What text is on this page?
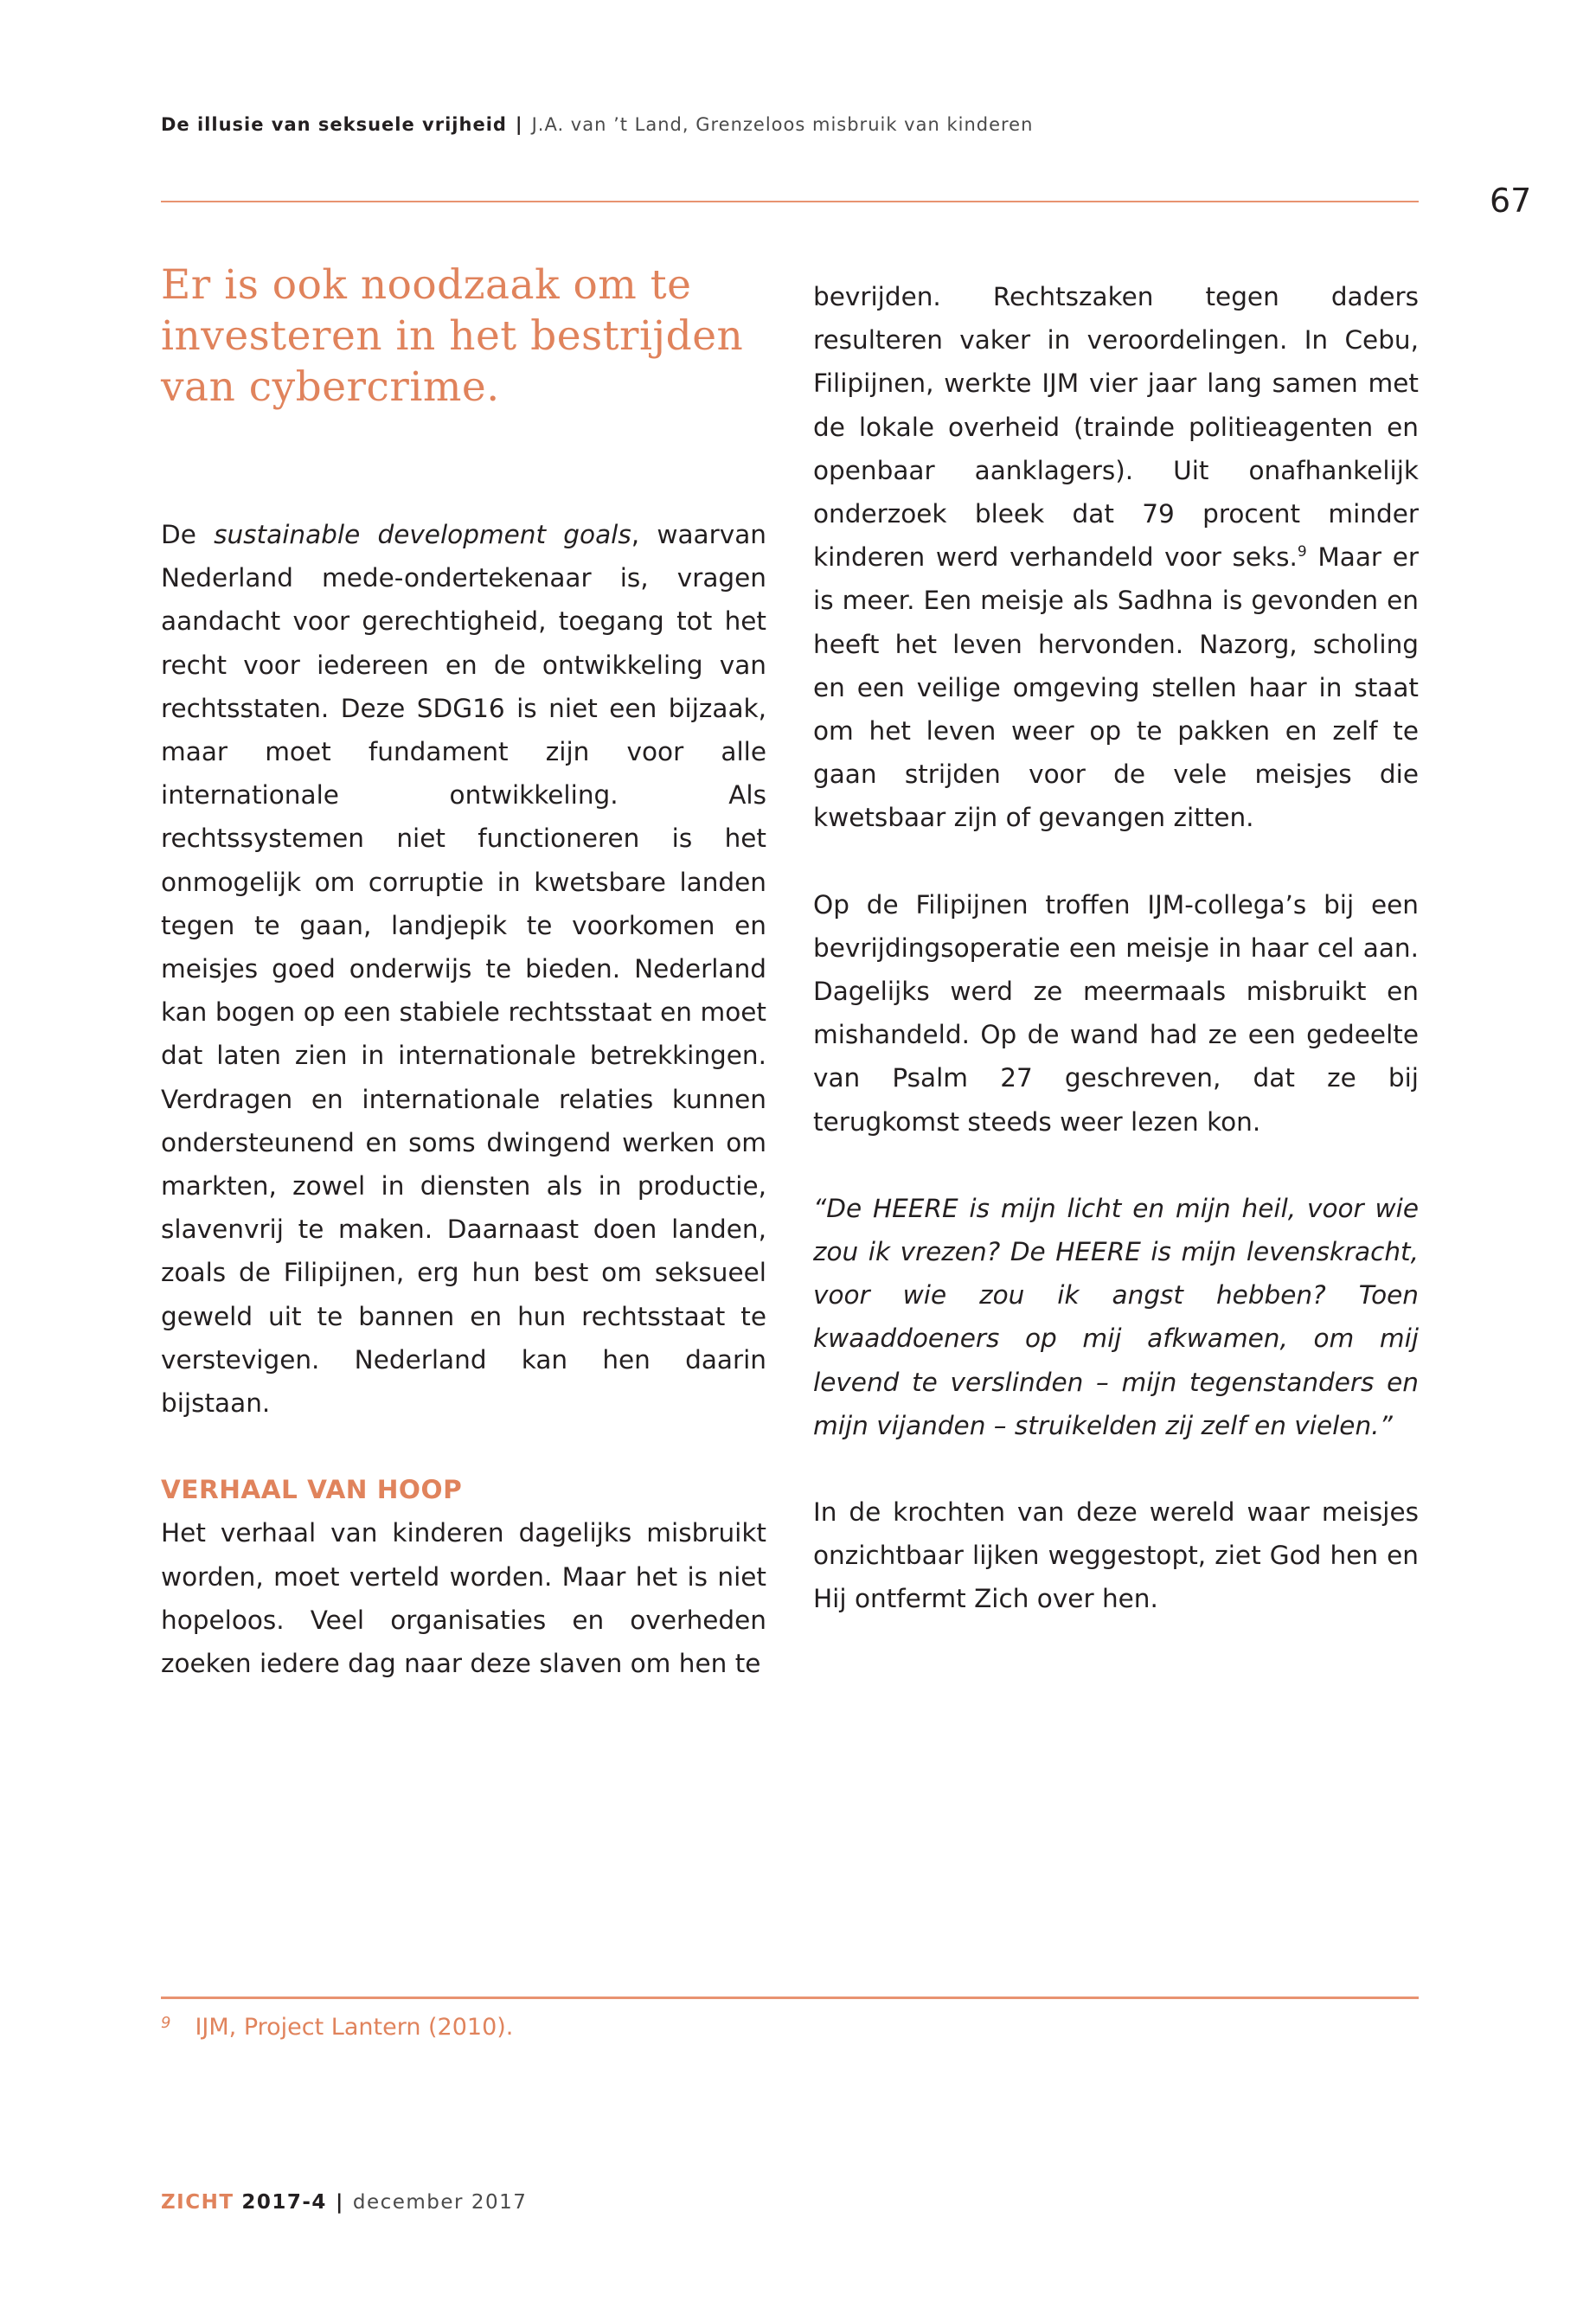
De illusie van seksuele vrijheid | J.A. van ’t Land, Grenzeloos misbruik van kinderen
67
Er is ook noodzaak om te investeren in het bestrijden van cybercrime.

De sustainable development goals, waarvan Nederland mede-ondertekenaar is, vragen aandacht voor gerechtigheid, toegang tot het recht voor iedereen en de ontwikkeling van rechtsstaten. Deze SDG16 is niet een bijzaak, maar moet fundament zijn voor alle internationale ontwikkeling. Als rechtssystemen niet functioneren is het onmogelijk om corruptie in kwetsbare landen tegen te gaan, landjepik te voorkomen en meisjes goed onderwijs te bieden. Nederland kan bogen op een stabiele rechtsstaat en moet dat laten zien in internationale betrekkingen. Verdragen en internationale relaties kunnen ondersteunend en soms dwingend werken om markten, zowel in diensten als in productie, slavenvrij te maken. Daarnaast doen landen, zoals de Filipijnen, erg hun best om seksueel geweld uit te bannen en hun rechtsstaat te verstevigen. Nederland kan hen daarin bijstaan.

VERHAAL VAN HOOP

Het verhaal van kinderen dagelijks misbruikt worden, moet verteld worden. Maar het is niet hopeloos. Veel organisaties en overheden zoeken iedere dag naar deze slaven om hen te

bevrijden. Rechtszaken tegen daders resulteren vaker in veroordelingen. In Cebu, Filipijnen, werkte IJM vier jaar lang samen met de lokale overheid (trainde politieagenten en openbaar aanklagers). Uit onafhankelijk onderzoek bleek dat 79 procent minder kinderen werd verhandeld voor seks.$^9$ Maar er is meer. Een meisje als Sadhna is gevonden en heeft het leven hervonden. Nazorg, scholing en een veilige omgeving stellen haar in staat om het leven weer op te pakken en zelf te gaan strijden voor de vele meisjes die kwetsbaar zijn of gevangen zitten.

Op de Filipijnen troffen IJM-collega’s bij een bevrijdingsoperatie een meisje in haar cel aan. Dagelijks werd ze meermaals misbruikt en mishandeld. Op de wand had ze een gedeelte van Psalm 27 geschreven, dat ze bij terugkomst steeds weer lezen kon.

“De HEERE is mijn licht en mijn heil, voor wie zou ik vrezen? De HEERE is mijn levenskracht, voor wie zou ik angst hebben? Toen kwaaddoeners op mij afkwamen, om mij levend te verslinden – mijn tegenstanders en mijn vijanden – struikelden zij zelf en vielen.”

In de krochten van deze wereld waar meisjes onzichtbaar lijken weggestopt, ziet God hen en Hij ontfermt Zich over hen.

$^9$ IJM, Project Lantern (2010).
ZICHT 2017-4 | december 2017
